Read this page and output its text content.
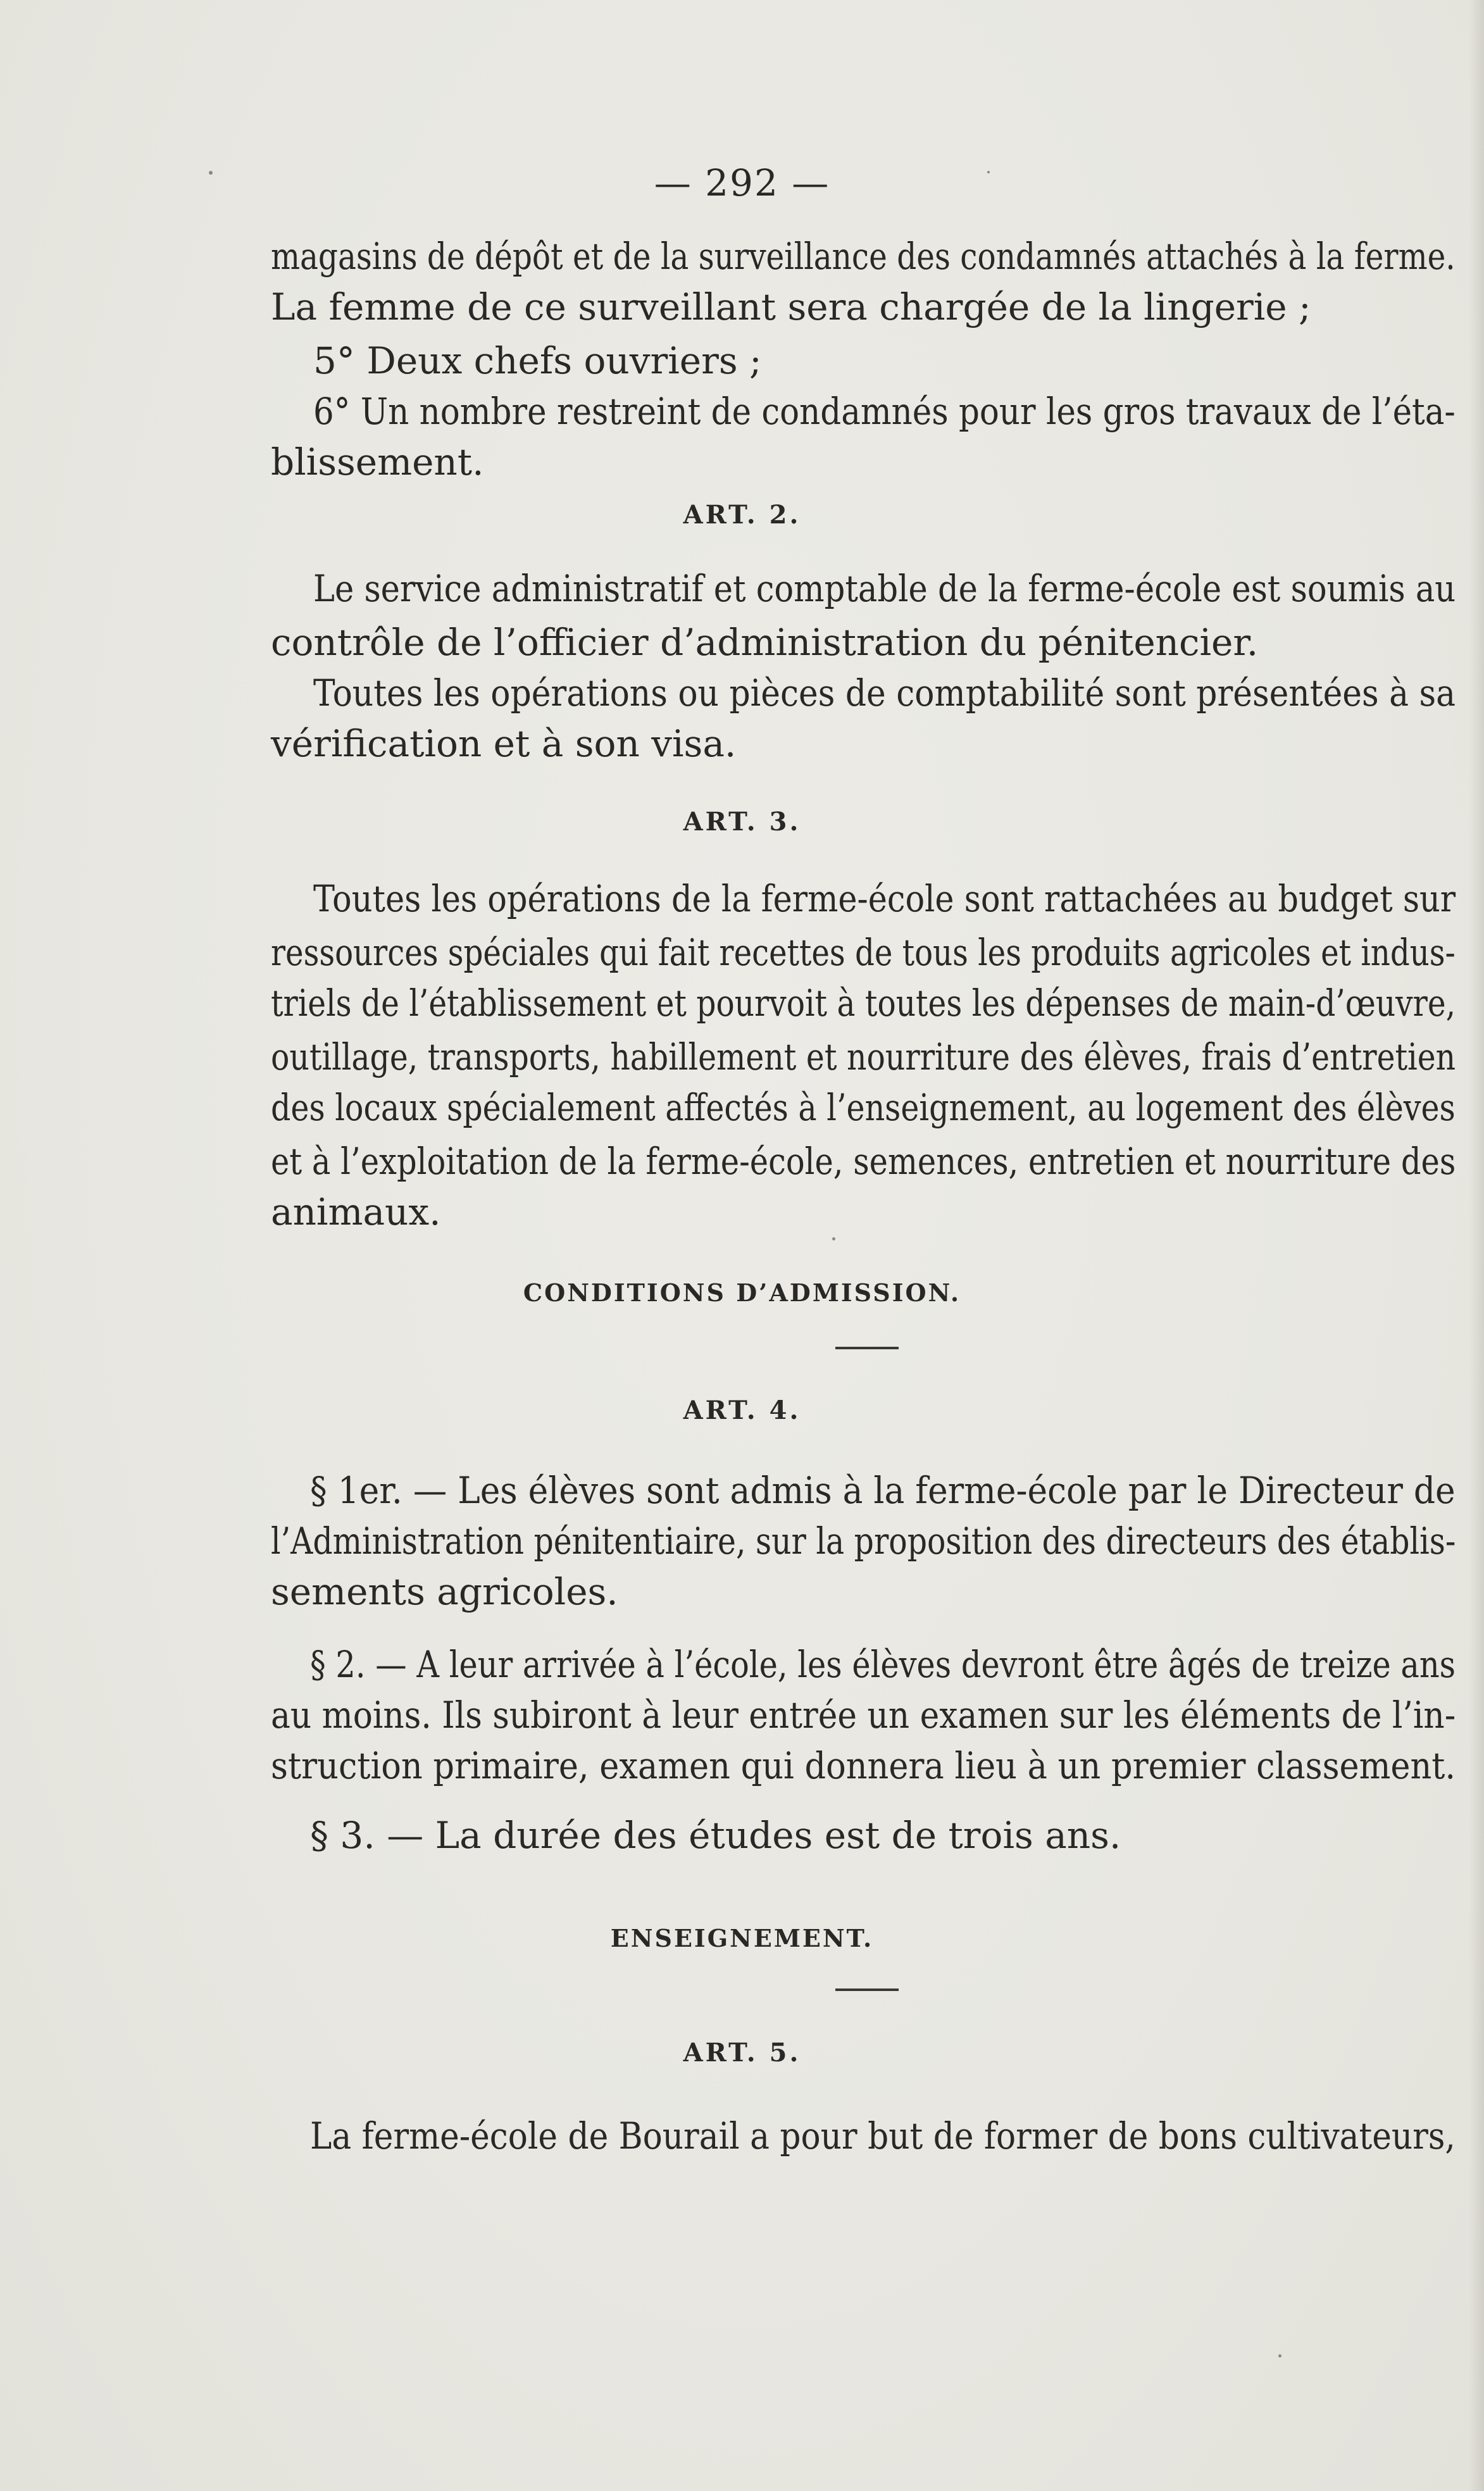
— 292 —
magasins de dépôt et de la surveillance des condamnés attachés à la ferme.
La femme de ce surveillant sera chargée de la lingerie ;
5° Deux chefs ouvriers ;
6° Un nombre restreint de condamnés pour les gros travaux de l’éta-
blissement.
ART. 2.
Le service administratif et comptable de la ferme-école est soumis au
contrôle de l’officier d’administration du pénitencier.
Toutes les opérations ou pièces de comptabilité sont présentées à sa
vérification et à son visa.
ART. 3.
Toutes les opérations de la ferme-école sont rattachées au budget sur
ressources spéciales qui fait recettes de tous les produits agricoles et indus-
triels de l’établissement et pourvoit à toutes les dépenses de main-d’œuvre,
outillage, transports, habillement et nourriture des élèves, frais d’entretien
des locaux spécialement affectés à l’enseignement, au logement des élèves
et à l’exploitation de la ferme-école, semences, entretien et nourriture des
animaux.
CONDITIONS D’ADMISSION.
ART. 4.
§ 1er. — Les élèves sont admis à la ferme-école par le Directeur de
l’Administration pénitentiaire, sur la proposition des directeurs des établis-
sements agricoles.
§ 2. — A leur arrivée à l’école, les élèves devront être âgés de treize ans
au moins. Ils subiront à leur entrée un examen sur les éléments de l’in-
struction primaire, examen qui donnera lieu à un premier classement.
§ 3. — La durée des études est de trois ans.
ENSEIGNEMENT.
ART. 5.
La ferme-école de Bourail a pour but de former de bons cultivateurs,
